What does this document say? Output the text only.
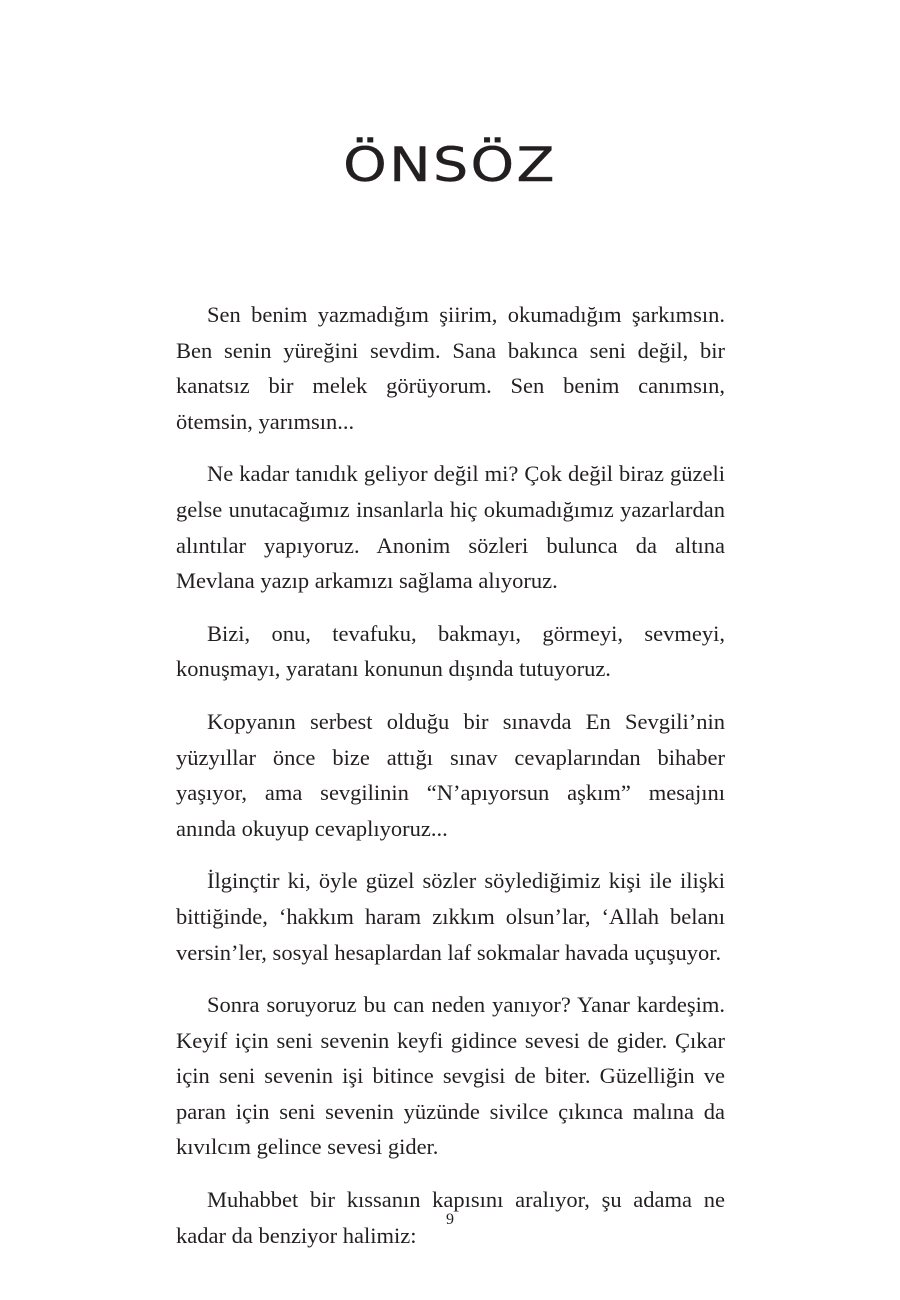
ÖNSÖZ

Sen benim yazmadığım şiirim, okumadığım şarkımsın. Ben senin yüreğini sevdim. Sana bakınca seni değil, bir kanatsız bir melek görüyorum. Sen benim canımsın, ötemsin, yarımsın...

Ne kadar tanıdık geliyor değil mi? Çok değil biraz güzeli gelse unutacağımız insanlarla hiç okumadığımız yazarlardan alıntılar yapıyoruz. Anonim sözleri bulunca da altına Mevlana yazıp arkamızı sağlama alıyoruz.

Bizi, onu, tevafuku, bakmayı, görmeyi, sevmeyi, konuşmayı, yaratanı konunun dışında tutuyoruz.

Kopyanın serbest olduğu bir sınavda En Sevgili’nin yüzyıllar önce bize attığı sınav cevaplarından bihaber yaşıyor, ama sevgilinin “N’apıyorsun aşkım” mesajını anında okuyup cevaplıyoruz...

İlginçtir ki, öyle güzel sözler söylediğimiz kişi ile ilişki bittiğinde, ‘hakkım haram zıkkım olsun’lar, ‘Allah belanı versin’ler, sosyal hesaplardan laf sokmalar havada uçuşuyor.

Sonra soruyoruz bu can neden yanıyor? Yanar kardeşim. Keyif için seni sevenin keyfi gidince sevesi de gider. Çıkar için seni sevenin işi bitince sevgisi de biter. Güzelliğin ve paran için seni sevenin yüzünde sivilce çıkınca malına da kıvılcım gelince sevesi gider.

Muhabbet bir kıssanın kapısını aralıyor, şu adama ne kadar da benziyor halimiz:

9
